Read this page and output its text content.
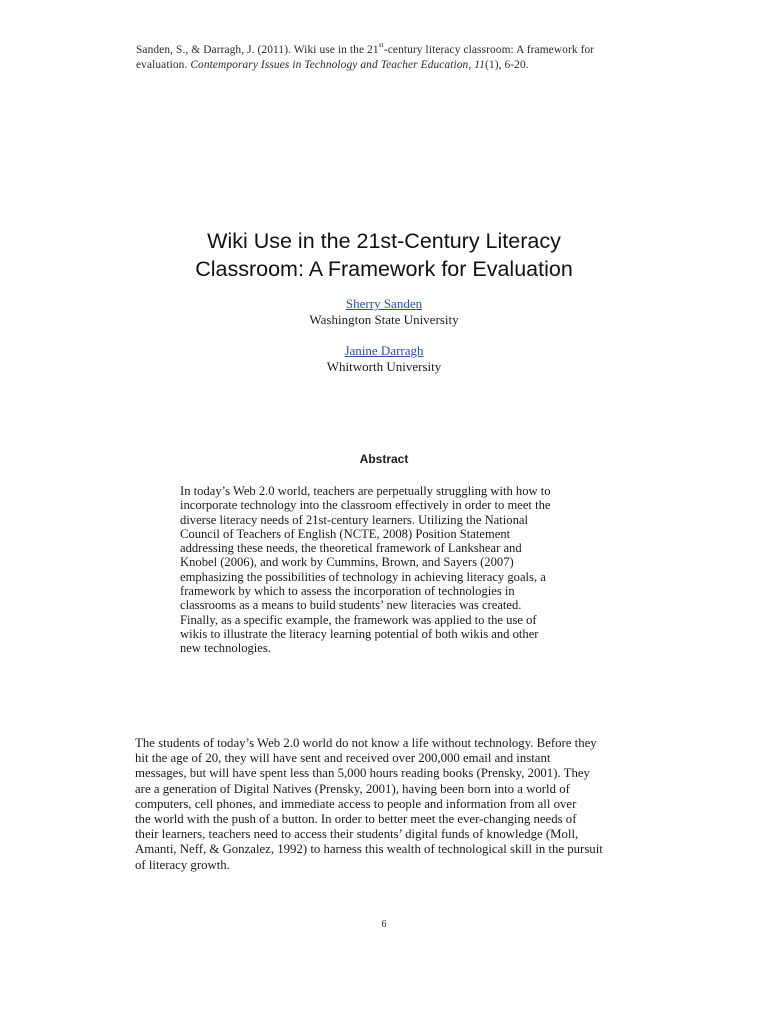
Sanden, S., & Darragh, J. (2011). Wiki use in the 21st-century literacy classroom: A framework for
evaluation. Contemporary Issues in Technology and Teacher Education, 11(1), 6-20.
Wiki Use in the 21st-Century Literacy
Classroom: A Framework for Evaluation
Sherry Sanden
Washington State University
Janine Darragh
Whitworth University
Abstract
In today’s Web 2.0 world, teachers are perpetually struggling with how to
incorporate technology into the classroom effectively in order to meet the
diverse literacy needs of 21st-century learners. Utilizing the National
Council of Teachers of English (NCTE, 2008) Position Statement
addressing these needs, the theoretical framework of Lankshear and
Knobel (2006), and work by Cummins, Brown, and Sayers (2007)
emphasizing the possibilities of technology in achieving literacy goals, a
framework by which to assess the incorporation of technologies in
classrooms as a means to build students’ new literacies was created.
Finally, as a specific example, the framework was applied to the use of
wikis to illustrate the literacy learning potential of both wikis and other
new technologies.
The students of today’s Web 2.0 world do not know a life without technology. Before they
hit the age of 20, they will have sent and received over 200,000 email and instant
messages, but will have spent less than 5,000 hours reading books (Prensky, 2001). They
are a generation of Digital Natives (Prensky, 2001), having been born into a world of
computers, cell phones, and immediate access to people and information from all over
the world with the push of a button. In order to better meet the ever-changing needs of
their learners, teachers need to access their students’ digital funds of knowledge (Moll,
Amanti, Neff, & Gonzalez, 1992) to harness this wealth of technological skill in the pursuit
of literacy growth.
6
